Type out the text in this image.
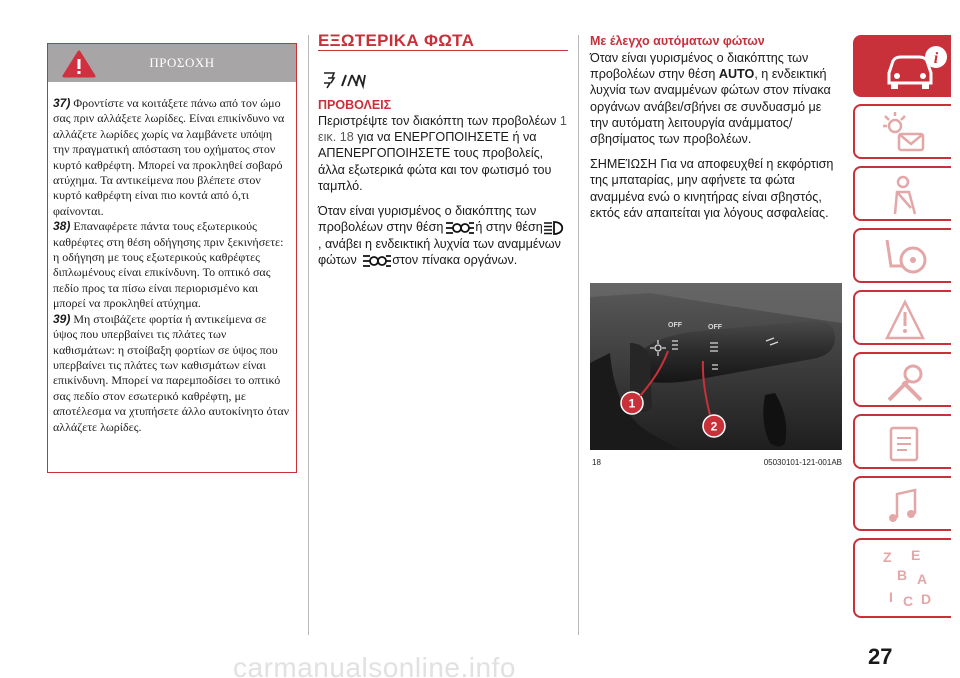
ΠΡΟΣΟΧΗ

37) Φροντίστε να κοιτάξετε πάνω από τον ώμο σας πριν αλλάξετε λωρίδες. Είναι επικίνδυνο να αλλάζετε λωρίδες χωρίς να λαμβάνετε υπόψη την πραγματική απόσταση του οχήματος στον κυρτό καθρέφτη. Μπορεί να προκληθεί σοβαρό ατύχημα. Τα αντικείμενα που βλέπετε στον κυρτό καθρέφτη είναι πιο κοντά από ό,τι φαίνονται.

38) Επαναφέρετε πάντα τους εξωτερικούς καθρέφτες στη θέση οδήγησης πριν ξεκινήσετε: η οδήγηση με τους εξωτερικούς καθρέφτες διπλωμένους είναι επικίνδυνη. Το οπτικό σας πεδίο προς τα πίσω είναι περιορισμένο και μπορεί να προκληθεί ατύχημα.

39) Μη στοιβάζετε φορτία ή αντικείμενα σε ύψος που υπερβαίνει τις πλάτες των καθισμάτων: η στοίβαξη φορτίων σε ύψος που υπερβαίνει τις πλάτες των καθισμάτων είναι επικίνδυνη. Μπορεί να παρεμποδίσει το οπτικό σας πεδίο στον εσωτερικό καθρέφτη, με αποτέλεσμα να χτυπήσετε άλλο αυτοκίνητο όταν αλλάζετε λωρίδες.

ΕΞΩΤΕΡΙΚΑ ΦΩΤΑ
ΠΡΟΒΟΛΕΙΣ

Περιστρέψτε τον διακόπτη των προβολέων 1 εικ. 18 για να ΕΝΕΡΓΟΠΟΙΗΣΕΤΕ ή να ΑΠΕΝΕΡΓΟΠΟΙΗΣΕΤΕ τους προβολείς, άλλα εξωτερικά φώτα και τον φωτισμό του ταμπλό.

Όταν είναι γυρισμένος ο διακόπτης των προβολέων στην θέση	ή στην θέση, ανάβει η ενδεικτική λυχνία των αναμμένων φώτων	στον πίνακα οργάνων.

Με έλεγχο αυτόματων φώτων

Όταν είναι γυρισμένος ο διακόπτης των προβολέων στην θέση AUTO, η ενδεικτική λυχνία των αναμμένων φώτων στον πίνακα οργάνων ανάβει/σβήνει σε συνδυασμό με την αυτόματη λειτουργία ανάμματος/σβησίματος των προβολέων.

ΣΗΜΕΊΩΣΗ Για να αποφευχθεί η εκφόρτιση της μπαταρίας, μην αφήνετε τα φώτα αναμμένα ενώ ο κινητήρας είναι σβηστός, εκτός εάν απαιτείται για λόγους ασφαλείας.

OFF	OFF
1
2
18	05030101-121-001AB
i
Z E
B A
I C D
27
carmanualsonline.info
